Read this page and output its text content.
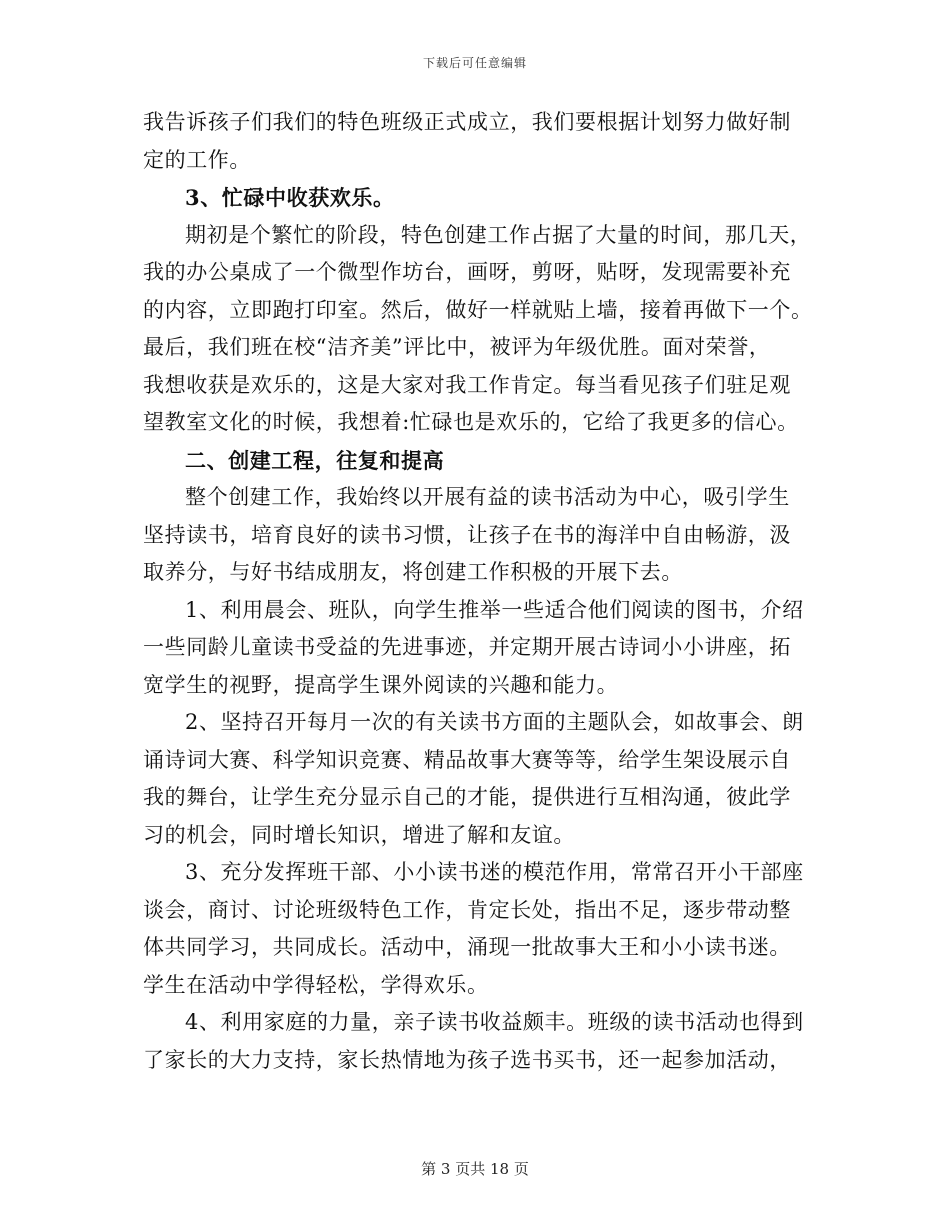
下载后可任意编辑
我告诉孩子们我们的特色班级正式成立，我们要根据计划努力做好制
定的工作。
3、忙碌中收获欢乐。
期初是个繁忙的阶段，特色创建工作占据了大量的时间，那几天，
我的办公桌成了一个微型作坊台，画呀，剪呀，贴呀，发现需要补充
的内容，立即跑打印室。然后，做好一样就贴上墙，接着再做下一个。
最后，我们班在校“洁齐美”评比中，被评为年级优胜。面对荣誉，
我想收获是欢乐的，这是大家对我工作肯定。每当看见孩子们驻足观
望教室文化的时候，我想着:忙碌也是欢乐的，它给了我更多的信心。
二、创建工程，往复和提高
整个创建工作，我始终以开展有益的读书活动为中心，吸引学生
坚持读书，培育良好的读书习惯，让孩子在书的海洋中自由畅游，汲
取养分，与好书结成朋友，将创建工作积极的开展下去。
1、利用晨会、班队，向学生推举一些适合他们阅读的图书，介绍
一些同龄儿童读书受益的先进事迹，并定期开展古诗词小小讲座，拓
宽学生的视野，提高学生课外阅读的兴趣和能力。
2、坚持召开每月一次的有关读书方面的主题队会，如故事会、朗
诵诗词大赛、科学知识竞赛、精品故事大赛等等，给学生架设展示自
我的舞台，让学生充分显示自己的才能，提供进行互相沟通，彼此学
习的机会，同时增长知识，增进了解和友谊。
3、充分发挥班干部、小小读书迷的模范作用，常常召开小干部座
谈会，商讨、讨论班级特色工作，肯定长处，指出不足，逐步带动整
体共同学习，共同成长。活动中，涌现一批故事大王和小小读书迷。
学生在活动中学得轻松，学得欢乐。
4、利用家庭的力量，亲子读书收益颇丰。班级的读书活动也得到
了家长的大力支持，家长热情地为孩子选书买书，还一起参加活动，
第 3 页共 18 页
